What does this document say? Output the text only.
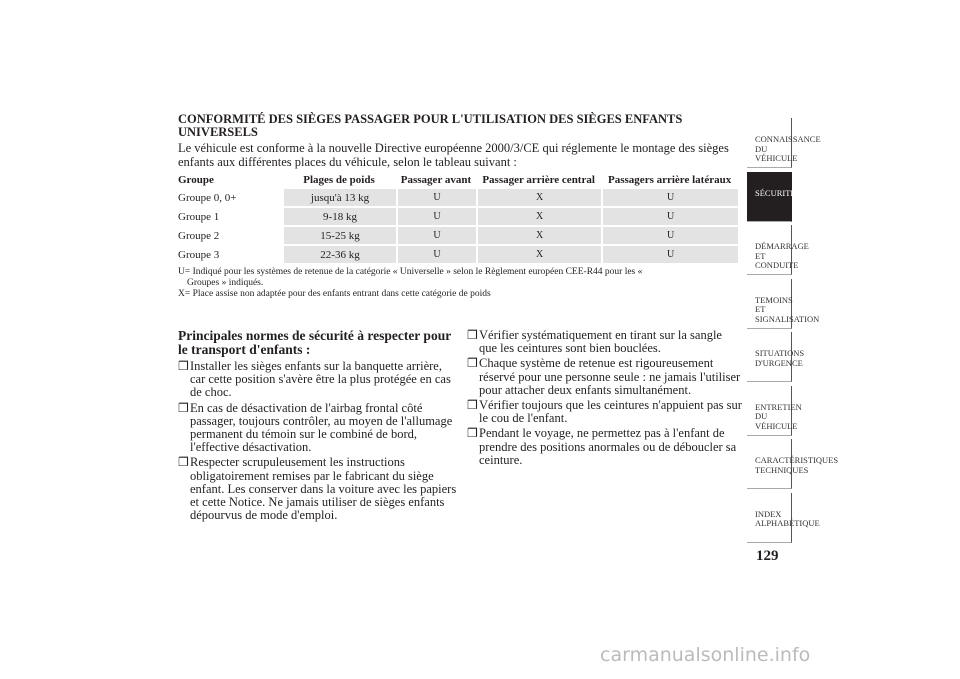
CONFORMITÉ DES SIÈGES PASSAGER POUR L'UTILISATION DES SIÈGES ENFANTS UNIVERSELS

Le véhicule est conforme à la nouvelle Directive européenne 2000/3/CE qui réglemente le montage des sièges enfants aux différentes places du véhicule, selon le tableau suivant :

Groupe	Plages de poids	Passager avant	Passager arrière central	Passagers arrière latéraux
Groupe 0, 0+	jusqu'à 13 kg	U	X	U
Groupe 1	9-18 kg	U	X	U
Groupe 2	15-25 kg	U	X	U
Groupe 3	22-36 kg	U	X	U
U= Indiqué pour les systèmes de retenue de la catégorie « Universelle » selon le Règlement européen CEE-R44 pour les «
Groupes » indiqués.
X= Place assise non adaptée pour des enfants entrant dans cette catégorie de poids

Principales normes de sécurité à respecter pour le transport d'enfants :

❒ Installer les sièges enfants sur la banquette arrière, car cette position s'avère être la plus protégée en cas de choc.
❒ En cas de désactivation de l'airbag frontal côté passager, toujours contrôler, au moyen de l'allumage permanent du témoin sur le combiné de bord, l'effective désactivation.
❒ Respecter scrupuleusement les instructions obligatoirement remises par le fabricant du siège enfant. Les conserver dans la voiture avec les papiers et cette Notice. Ne jamais utiliser de sièges enfants dépourvus de mode d'emploi.
❒ Vérifier systématiquement en tirant sur la sangle que les ceintures sont bien bouclées.
❒ Chaque système de retenue est rigoureusement réservé pour une personne seule : ne jamais l'utiliser pour attacher deux enfants simultanément.
❒ Vérifier toujours que les ceintures n'appuient pas sur le cou de l'enfant.
❒ Pendant le voyage, ne permettez pas à l'enfant de prendre des positions anormales ou de déboucler sa ceinture.
CONNAISSANCE DU
VÉHICULE
SÉCURITÉ

DÉMARRAGE ET
CONDUITE
TEMOINS ET
SIGNALISATION
SITUATIONS
D'URGENCE
ENTRETIEN DU
VÉHICULE
CARACTÉRISTIQUES
TECHNIQUES
INDEX
ALPHABÉTIQUE
129
carmanualsonline.info
